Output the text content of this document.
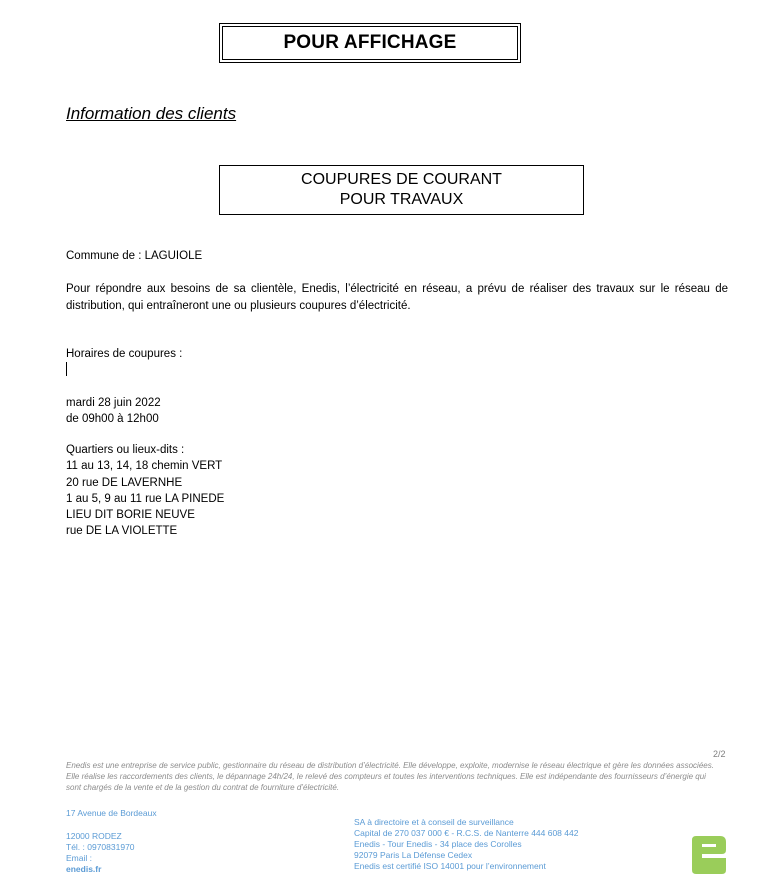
POUR AFFICHAGE
Information des clients
COUPURES DE COURANT
POUR TRAVAUX
Commune de : LAGUIOLE
Pour répondre aux besoins de sa clientèle, Enedis, l’électricité en réseau, a prévu de réaliser des travaux sur le réseau de distribution, qui entraîneront une ou plusieurs coupures d’électricité.
Horaires de coupures :
mardi 28 juin 2022
de 09h00 à 12h00
Quartiers ou lieux-dits :
11 au 13, 14, 18 chemin VERT
20 rue DE LAVERNHE
1 au 5, 9 au 11 rue LA PINEDE
LIEU DIT BORIE NEUVE
rue DE LA VIOLETTE
2/2
Enedis est une entreprise de service public, gestionnaire du réseau de distribution d’électricité. Elle développe, exploite, modernise le réseau électrique et gère les données associées. Elle réalise les raccordements des clients, le dépannage 24h/24, le relevé des compteurs et toutes les interventions techniques. Elle est indépendante des fournisseurs d’énergie qui sont chargés de la vente et de la gestion du contrat de fourniture d’électricité.
17 Avenue de Bordeaux
12000 RODEZ
Tél. : 0970831970
Email :
enedis.fr
SA à directoire et à conseil de surveillance
Capital de 270 037 000 € - R.C.S. de Nanterre 444 608 442
Enedis - Tour Enedis - 34 place des Corolles
92079 Paris La Défense Cedex
Enedis est certifié ISO 14001 pour l’environnement
